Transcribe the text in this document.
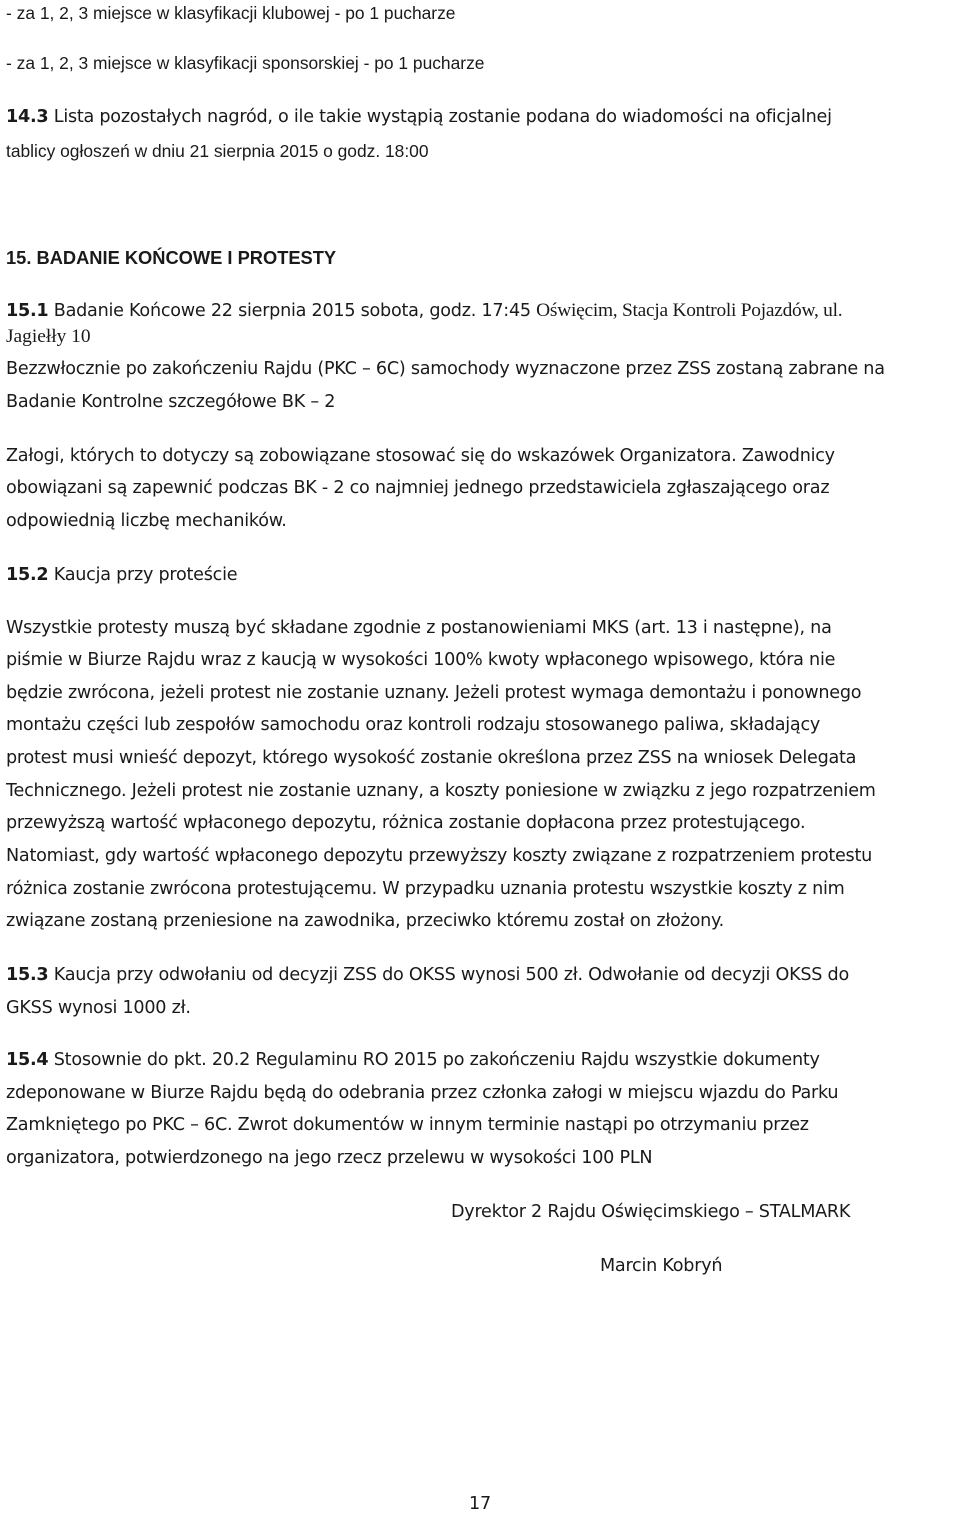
- za 1, 2, 3 miejsce w klasyfikacji klubowej - po 1 pucharze
- za 1, 2, 3 miejsce w klasyfikacji sponsorskiej - po 1 pucharze
14.3 Lista pozostałych nagród, o ile takie wystąpią zostanie podana do wiadomości na oficjalnej
tablicy ogłoszeń w dniu 21 sierpnia 2015 o godz. 18:00
15. BADANIE KOŃCOWE I PROTESTY
15.1 Badanie Końcowe 22 sierpnia 2015 sobota, godz. 17:45 Oświęcim, Stacja Kontroli Pojazdów, ul.
Jagiełły 10
Bezzwłocznie po zakończeniu Rajdu (PKC – 6C) samochody wyznaczone przez ZSS zostaną zabrane na
Badanie Kontrolne szczegółowe BK – 2
Załogi, których to dotyczy są zobowiązane stosować się do wskazówek Organizatora. Zawodnicy
obowiązani są zapewnić podczas BK - 2 co najmniej jednego przedstawiciela zgłaszającego oraz
odpowiednią liczbę mechaników.
15.2 Kaucja przy proteście
Wszystkie protesty muszą być składane zgodnie z postanowieniami MKS (art. 13 i następne), na
piśmie w Biurze Rajdu wraz z kaucją w wysokości 100% kwoty wpłaconego wpisowego, która nie
będzie zwrócona, jeżeli protest nie zostanie uznany. Jeżeli protest wymaga demontażu i ponownego
montażu części lub zespołów samochodu oraz kontroli rodzaju stosowanego paliwa, składający
protest musi wnieść depozyt, którego wysokość zostanie określona przez ZSS na wniosek Delegata
Technicznego. Jeżeli protest nie zostanie uznany, a koszty poniesione w związku z jego rozpatrzeniem
przewyższą wartość wpłaconego depozytu, różnica zostanie dopłacona przez protestującego.
Natomiast, gdy wartość wpłaconego depozytu przewyższy koszty związane z rozpatrzeniem protestu
różnica zostanie zwrócona protestującemu. W przypadku uznania protestu wszystkie koszty z nim
związane zostaną przeniesione na zawodnika, przeciwko któremu został on złożony.
15.3 Kaucja przy odwołaniu od decyzji ZSS do OKSS wynosi 500 zł. Odwołanie od decyzji OKSS do
GKSS wynosi 1000 zł.
15.4 Stosownie do pkt. 20.2 Regulaminu RO 2015 po zakończeniu Rajdu wszystkie dokumenty
zdeponowane w Biurze Rajdu będą do odebrania przez członka załogi w miejscu wjazdu do Parku
Zamkniętego po PKC – 6C. Zwrot dokumentów w innym terminie nastąpi po otrzymaniu przez
organizatora, potwierdzonego na jego rzecz przelewu w wysokości 100 PLN
Dyrektor 2 Rajdu Oświęcimskiego – STALMARK
Marcin Kobryń
17
